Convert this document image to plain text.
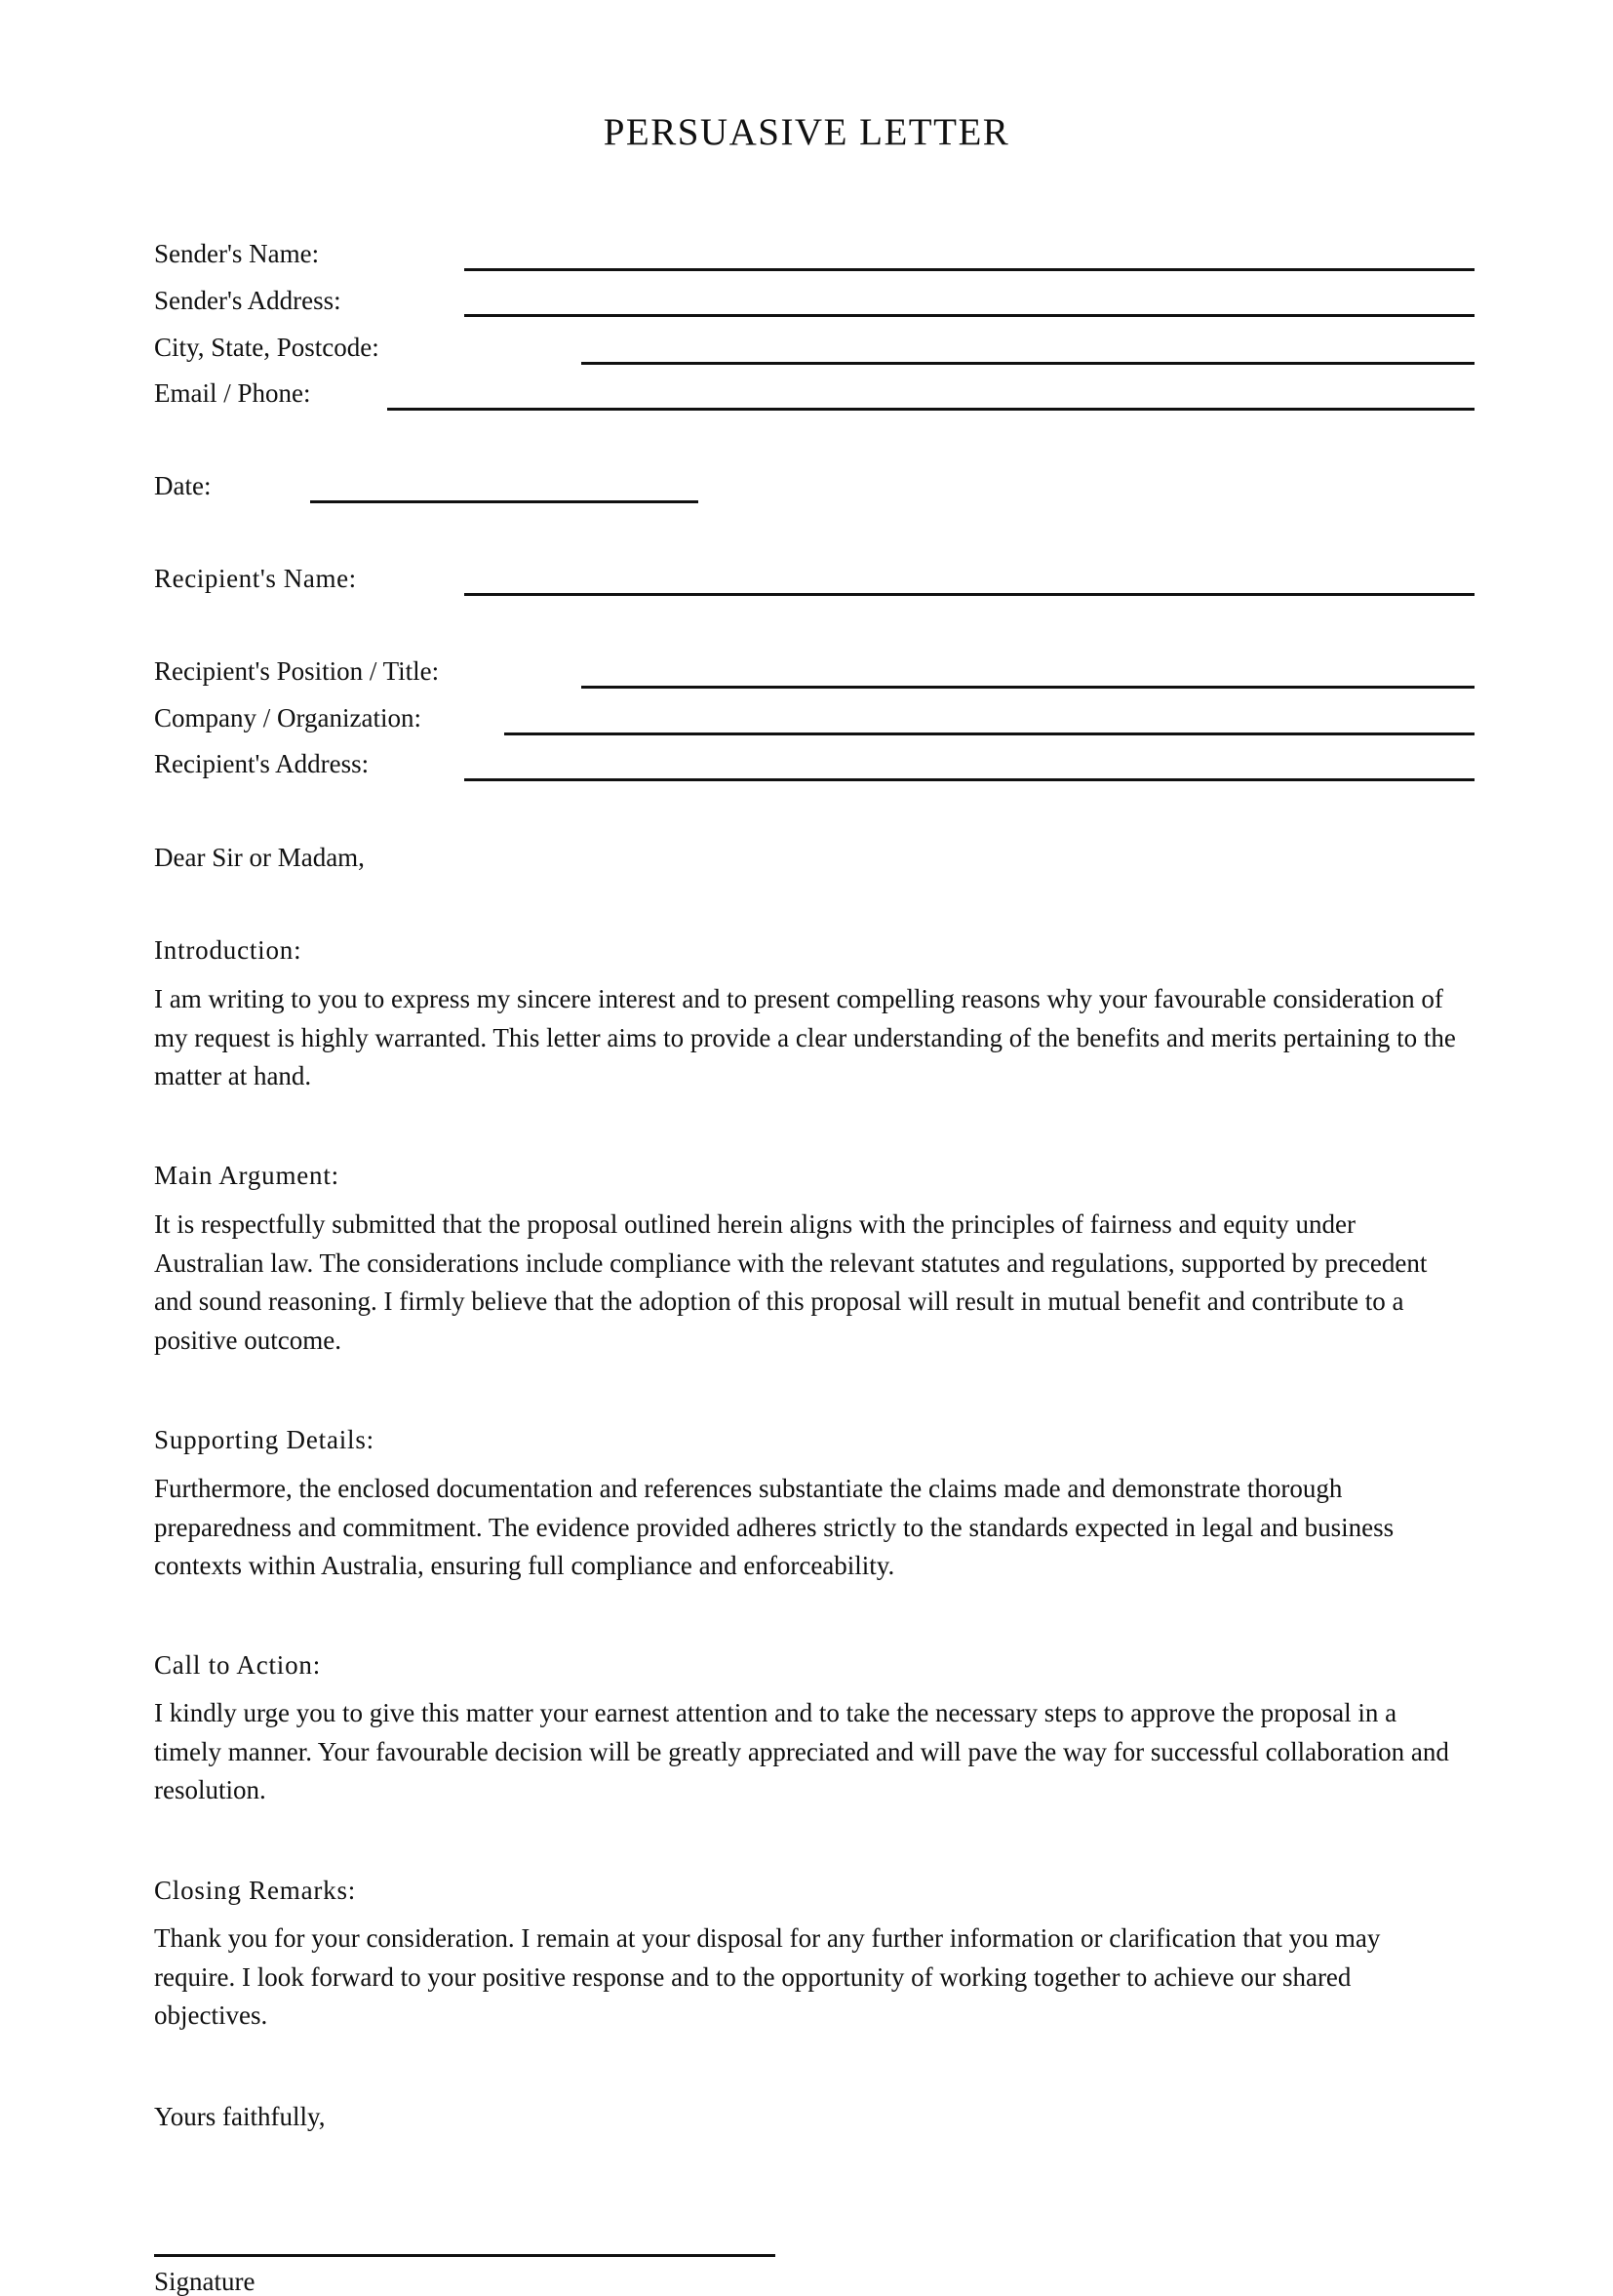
PERSUASIVE LETTER
Sender's Name:
Sender's Address:
City, State, Postcode:
Email / Phone:
Date:
Recipient's Name:
Recipient's Position / Title:
Company / Organization:
Recipient's Address:
Dear Sir or Madam,
Introduction:

I am writing to you to express my sincere interest and to present compelling reasons why your favourable consideration of my request is highly warranted. This letter aims to provide a clear understanding of the benefits and merits pertaining to the matter at hand.

Main Argument:

It is respectfully submitted that the proposal outlined herein aligns with the principles of fairness and equity under Australian law. The considerations include compliance with the relevant statutes and regulations, supported by precedent and sound reasoning. I firmly believe that the adoption of this proposal will result in mutual benefit and contribute to a positive outcome.

Supporting Details:

Furthermore, the enclosed documentation and references substantiate the claims made and demonstrate thorough preparedness and commitment. The evidence provided adheres strictly to the standards expected in legal and business contexts within Australia, ensuring full compliance and enforceability.

Call to Action:

I kindly urge you to give this matter your earnest attention and to take the necessary steps to approve the proposal in a timely manner. Your favourable decision will be greatly appreciated and will pave the way for successful collaboration and resolution.

Closing Remarks:

Thank you for your consideration. I remain at your disposal for any further information or clarification that you may require. I look forward to your positive response and to the opportunity of working together to achieve our shared objectives.

Yours faithfully,
Signature
